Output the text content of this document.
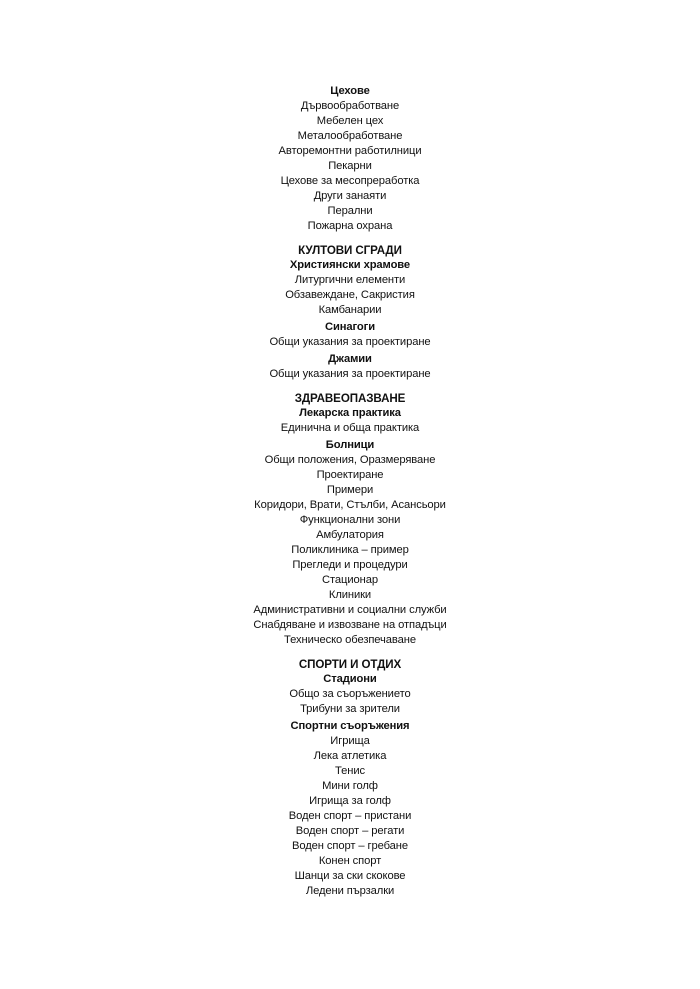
Цехове
Дървообработване
Мебелен цех
Металообработване
Авторемонтни работилници
Пекарни
Цехове за месопреработка
Други занаяти
Перални
Пожарна охрана
КУЛТОВИ СГРАДИ
Християнски храмове
Литургични елементи
Обзавеждане, Сакристия
Камбанарии
Синагоги
Общи указания за проектиране
Джамии
Общи указания за проектиране
ЗДРАВЕОПАЗВАНЕ
Лекарска практика
Единична и обща практика
Болници
Общи положения, Оразмеряване
Проектиране
Примери
Коридори, Врати, Стълби, Асансьори
Функционални зони
Амбулатория
Поликлиника – пример
Прегледи и процедури
Стационар
Клиники
Административни и социални служби
Снабдяване и извозване на отпадъци
Техническо обезпечаване
СПОРТИ И ОТДИХ
Стадиони
Общо за съоръжението
Трибуни за зрители
Спортни съоръжения
Игрища
Лека атлетика
Тенис
Мини голф
Игрища за голф
Воден спорт – пристани
Воден спорт – регати
Воден спорт – гребане
Конен спорт
Шанци за ски скокове
Ледени пързалки
